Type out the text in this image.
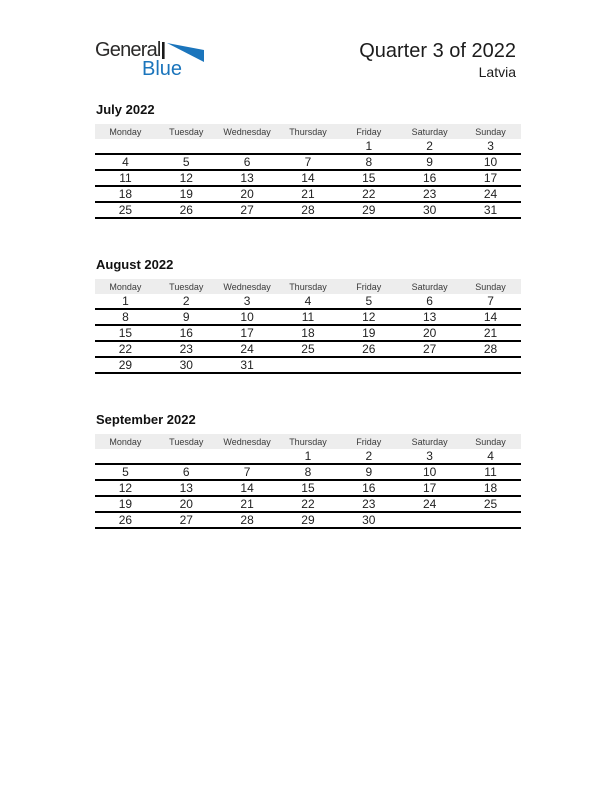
General
Blue
Quarter 3 of 2022
Latvia
July 2022
Monday	Tuesday	Wednesday	Thursday	Friday	Saturday	Sunday
				1	2	3
4	5	6	7	8	9	10
11	12	13	14	15	16	17
18	19	20	21	22	23	24
25	26	27	28	29	30	31
August 2022
Monday	Tuesday	Wednesday	Thursday	Friday	Saturday	Sunday
1	2	3	4	5	6	7
8	9	10	11	12	13	14
15	16	17	18	19	20	21
22	23	24	25	26	27	28
29	30	31				
September 2022
Monday	Tuesday	Wednesday	Thursday	Friday	Saturday	Sunday
			1	2	3	4
5	6	7	8	9	10	11
12	13	14	15	16	17	18
19	20	21	22	23	24	25
26	27	28	29	30		
